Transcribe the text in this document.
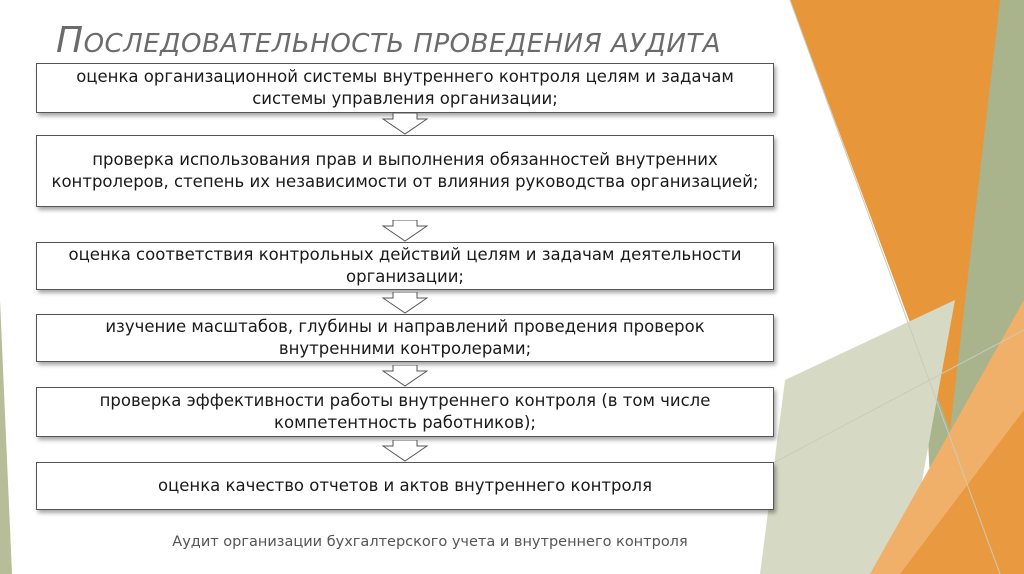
ПОСЛЕДОВАТЕЛЬНОСТЬ ПРОВЕДЕНИЯ АУДИТА
оценка организационной системы внутреннего контроля целям и задачам системы управления организации;
проверка использования прав и выполнения обязанностей внутренних контролеров, степень их независимости от влияния руководства организацией;
оценка соответствия контрольных действий целям и задачам деятельности организации;
изучение масштабов, глубины и направлений проведения проверок внутренними контролерами;
проверка эффективности работы внутреннего контроля (в том числе компетентность работников);
оценка качество отчетов и актов внутреннего контроля
Аудит организации бухгалтерского учета и внутреннего контроля
